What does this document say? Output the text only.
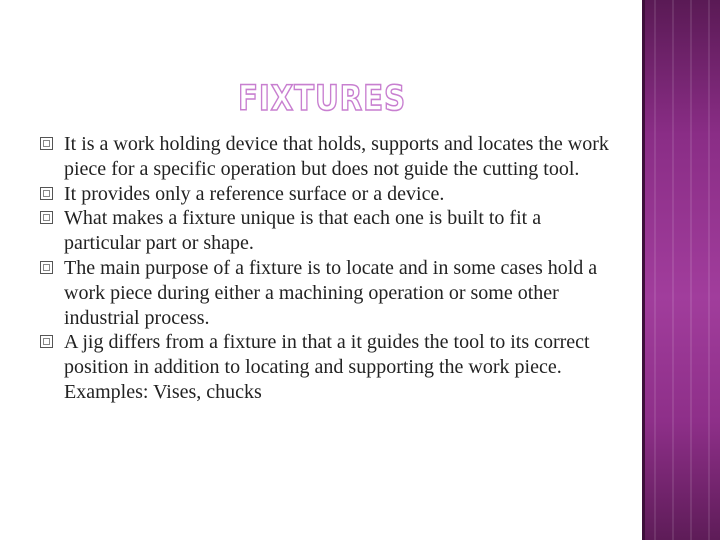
FIXTURES
It is a work holding device that holds, supports and locates the work piece for a specific operation but does not guide the cutting tool.
It provides only a reference surface or a device.
What makes a fixture unique is that each one is built to fit a particular part or shape.
The main purpose of a fixture is to locate and in some cases hold a work piece during either a machining operation or some other industrial process.
A jig differs from a fixture in that a it guides the tool to its correct position in addition to locating and supporting the work piece. Examples: Vises, chucks
